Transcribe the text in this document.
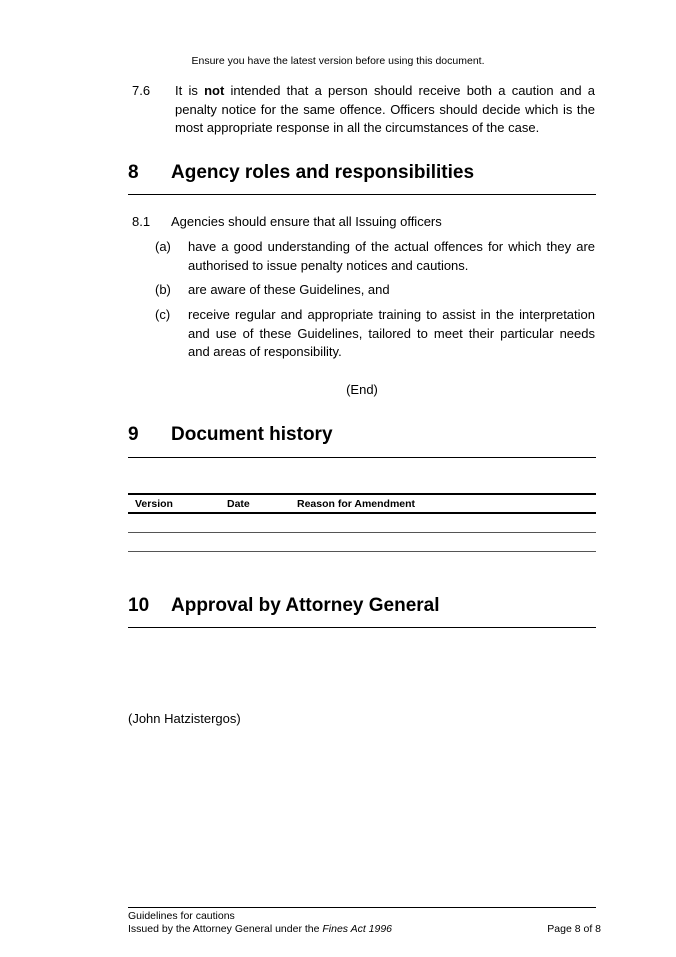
Ensure you have the latest version before using this document.
7.6 It is not intended that a person should receive both a caution and a penalty notice for the same offence. Officers should decide which is the most appropriate response in all the circumstances of the case.
8 Agency roles and responsibilities
8.1 Agencies should ensure that all Issuing officers
(a) have a good understanding of the actual offences for which they are authorised to issue penalty notices and cautions.
(b) are aware of these Guidelines, and
(c) receive regular and appropriate training to assist in the interpretation and use of these Guidelines, tailored to meet their particular needs and areas of responsibility.
(End)
9 Document history
Version	Date	Reason for Amendment
10 Approval by Attorney General
(John Hatzistergos)
Guidelines for cautions
Issued by the Attorney General under the Fines Act 1996	Page 8 of 8
